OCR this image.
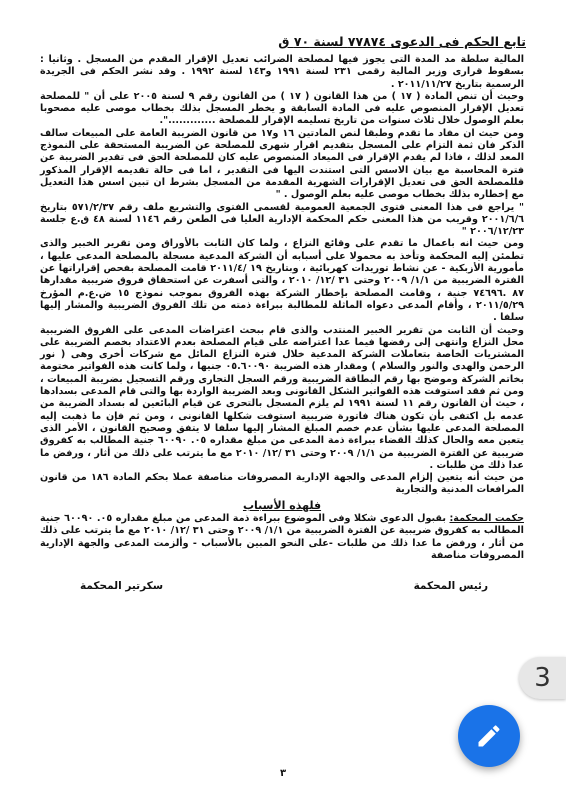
تابع الحكم فى الدعوى ٧٧٨٧٤ لسنة ٧٠ ق

المالية سلطة مد المدة التى يجوز فيها لمصلحة الضرائب تعديل الإقرار المقدم من المسجل . وثانيا : بسقوط قرارى وزير المالية رقمى ٢٣١ لسنة ١٩٩١ و١٤٣ لسنة ١٩٩٢ . وقد نشر الحكم فى الجريدة الرسمية بتاريخ ٢٠١١/١١/٢٧ .

وحيث أن تنص المادة ( ١٧ ) من هذا القانون ( ١٧ ) من القانون رقم ٩ لسنة ٢٠٠٥ على أن " للمصلحة تعديل الإقرار المنصوص عليه فى المادة السابقة و يخطر المسجل بذلك بخطاب موصى عليه مصحوبا بعلم الوصول خلال ثلاث سنوات من تاريخ تسليمه الإقرار للمصلحة .............".

ومن حيث ان مفاد ما تقدم وطبقا لنص المادتين ١٦ و١٧ من قانون الضريبة العامة على المبيعات سالف الذكر فان ثمة التزام على المسجل بتقديم اقرار شهرى للمصلحة عن الضريبة المستحقة على النموذج المعد لذلك ، فاذا لم يقدم الإقرار فى الميعاد المنصوص عليه كان للمصلحة الحق فى تقدير الضريبة عن فترة المحاسبة مع بيان الاسس التى استندت اليها فى التقدير ، اما فى حالة تقديمه الإقرار المذكور فللمصلحة الحق فى تعديل الإقرارات الشهرية المقدمة من المسجل بشرط ان تبين اسس هذا التعديل مع إخطاره بذلك بخطاب موصى عليه بعلم الوصول . "

" يراجع فى هذا المعنى فتوى الجمعية العمومية لقسمى الفتوى والتشريع ملف رقم ٥٧١/٢/٣٧ بتاريخ ٢٠٠١/٦/٦ وقريب من هذا المعنى حكم المحكمة الإدارية العليا فى الطعن رقم ١١٤٦ لسنة ٤٨ ق.ع جلسة ٢٠٠٦/١٢/٢٣ "

ومن حيث انه باعمال ما تقدم على وقائع النزاع ، ولما كان الثابت بالأوراق ومن تقرير الخبير والذى تطمئن إليه المحكمة وتأخذ به محمولا على أسبابه أن الشركة المدعية مسجلة بالمصلحة المدعى عليها ، مأمورية الأزبكية - عن نشاط توريدات كهربائية ، وبتاريخ ١٩ /٢٠١١/٤ قامت المصلحة بفحص إقراراتها عن الفترة الضريبية من ١/١/ ٢٠٠٩ وحتى ٣١ /١٢/ ٢٠١٠ ، والتى أسفرت عن استحقاق فروق ضريبية مقدارها ٨٧ .٧٤٦٩٦ جنية ، وقامت المصلحة بإخطار الشركة بهذه الفروق بموجب نموذج ١٥ ض.ع.م المؤرخ ٢٠١١/٥/٢٩ ، وأقام المدعى دعواه الماثلة للمطالبة ببراءة ذمته من تلك الفروق الضريبية والمشار إليها سلفا .

وحيث أن الثابت من تقرير الخبير المنتدب والذى قام ببحث اعتراضات المدعى على الفروق الضريبية محل النزاع وانتهى إلى رفضها فيما عدا اعتراضه على قيام المصلحة بعدم الاعتداد بخصم الضريبة على المشتريات الخاصة بتعاملات الشركة المدعية خلال فترة النزاع المائل مع شركات أخرى وهى ( نور الرحمن والهدى والنور والسلام ) ومقدار هذه الضريبة ٠٥.٦٠٠٩٠ جنيها ، ولما كانت هذه الفواتير مختومة بخاتم الشركة وموضح بها رقم البطاقة الضريبية ورقم السجل التجارى ورقم التسجيل بضريبة المبيعات ، ومن ثم فقد استوفت هذه الفواتير الشكل القانونى وبعد الضريبة الواردة بها والتى قام المدعى بسدادها ، حيث أن القانون رقم ١١ لسنة ١٩٩١ لم يلزم المسجل بالتحرى عن قيام البائعين له بسداد الضريبة من عدمه بل اكتفى بأن تكون هناك فاتورة ضريبية استوفت شكلها القانونى ، ومن ثم فإن ما ذهبت إليه المصلحة المدعى عليها بشأن عدم خصم المبلغ المشار إليها سلفا لا يتفق وصحيح القانون ، الأمر الذى يتعين معه والحال كذلك القضاء ببراءة ذمة المدعى من مبلغ مقداره ٠٥. ٦٠٠٩٠ جنية المطالب به كفروق ضريبية عن الفترة الضريبية من ١/١/ ٢٠٠٩ وحتى ٣١ /١٢/ ٢٠١٠ مع ما يترتب على ذلك من أثار ، ورفض ما عدا ذلك من طلبات .

من حيث أنه يتعين إلزام المدعى والجهة الإدارية المصروفات مناصفة عملا بحكم المادة ١٨٦ من قانون المرافعات المدنية والتجارية

فلهذه الأسباب

حكمت المحكمة: بقبول الدعوى شكلا وفى الموضوع ببراءة ذمة المدعى من مبلغ مقداره ٠٥. ٦٠٠٩٠ جنية المطالب به كفروق ضريبية عن الفترة الضريبية من ١/١/ ٢٠٠٩ وحتى ٣١ /١٢/ ٢٠١٠ مع ما يترتب على ذلك من أثار ، ورفض ما عدا ذلك من طلبات -على النحو المبين بالأسباب - وألزمت المدعى والجهة الإدارية المصروفات مناصفة

رئيس المحكمة
سكرتير المحكمة
٣
3
